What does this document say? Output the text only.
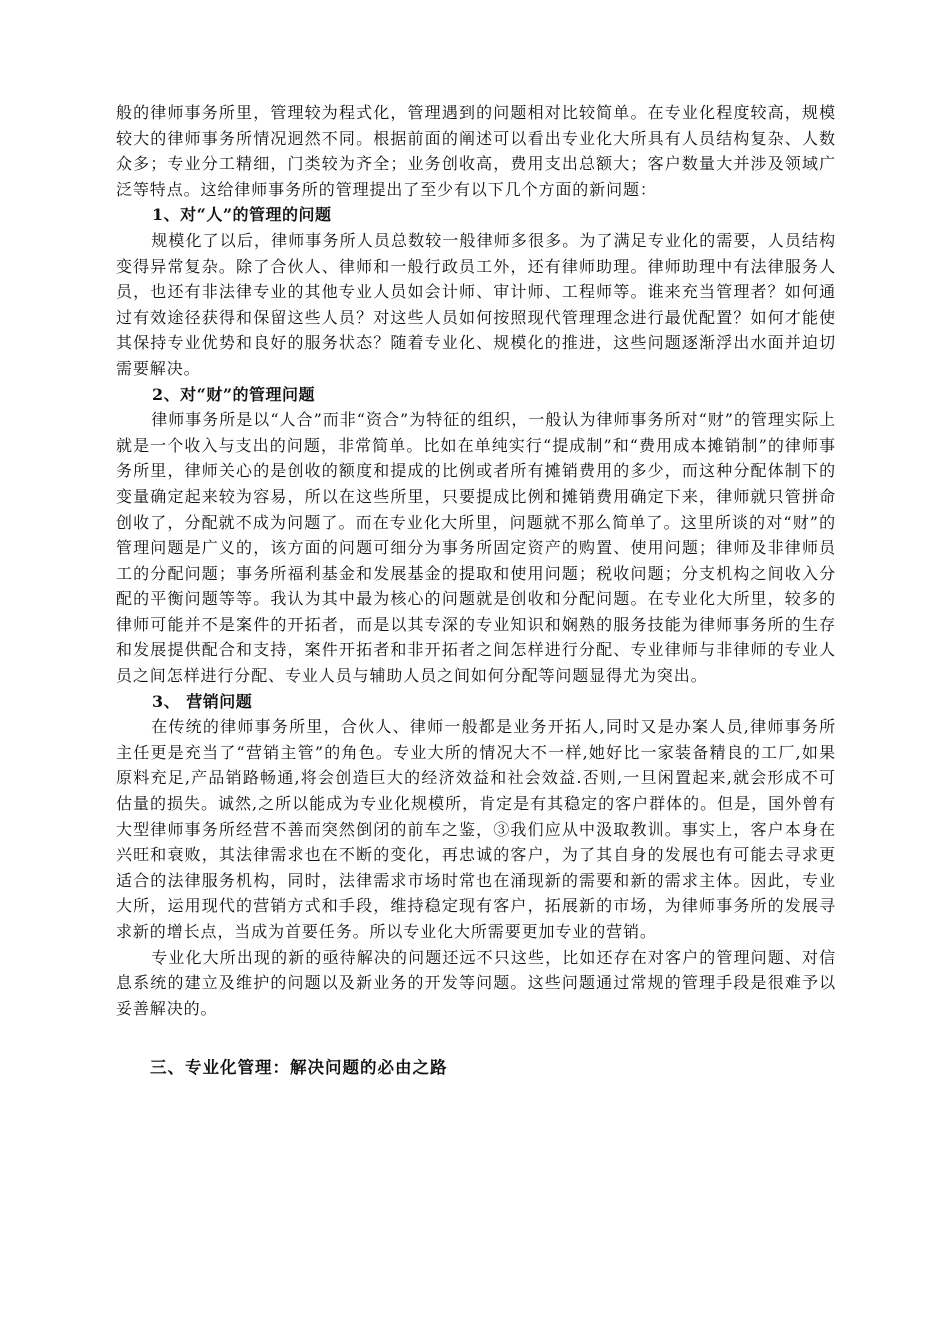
般的律师事务所里，管理较为程式化，管理遇到的问题相对比较简单。在专业化程度较高，规模较大的律师事务所情况迥然不同。根据前面的阐述可以看出专业化大所具有人员结构复杂、人数众多；专业分工精细，门类较为齐全；业务创收高，费用支出总额大；客户数量大并涉及领域广泛等特点。这给律师事务所的管理提出了至少有以下几个方面的新问题：

1、对“人”的管理的问题

规模化了以后，律师事务所人员总数较一般律师多很多。为了满足专业化的需要，人员结构变得异常复杂。除了合伙人、律师和一般行政员工外，还有律师助理。律师助理中有法律服务人员，也还有非法律专业的其他专业人员如会计师、审计师、工程师等。谁来充当管理者？如何通过有效途径获得和保留这些人员？对这些人员如何按照现代管理理念进行最优配置？如何才能使其保持专业优势和良好的服务状态？随着专业化、规模化的推进，这些问题逐渐浮出水面并迫切需要解决。

2、对“财”的管理问题

律师事务所是以“人合”而非“资合”为特征的组织，一般认为律师事务所对“财”的管理实际上就是一个收入与支出的问题，非常简单。比如在单纯实行“提成制”和“费用成本摊销制”的律师事务所里，律师关心的是创收的额度和提成的比例或者所有摊销费用的多少，而这种分配体制下的变量确定起来较为容易，所以在这些所里，只要提成比例和摊销费用确定下来，律师就只管拼命创收了，分配就不成为问题了。而在专业化大所里，问题就不那么简单了。这里所谈的对“财”的管理问题是广义的，该方面的问题可细分为事务所固定资产的购置、使用问题；律师及非律师员工的分配问题；事务所福利基金和发展基金的提取和使用问题；税收问题；分支机构之间收入分配的平衡问题等等。我认为其中最为核心的问题就是创收和分配问题。在专业化大所里，较多的律师可能并不是案件的开拓者，而是以其专深的专业知识和娴熟的服务技能为律师事务所的生存和发展提供配合和支持，案件开拓者和非开拓者之间怎样进行分配、专业律师与非律师的专业人员之间怎样进行分配、专业人员与辅助人员之间如何分配等问题显得尤为突出。

3、 营销问题

在传统的律师事务所里，合伙人、律师一般都是业务开拓人,同时又是办案人员,律师事务所主任更是充当了“营销主管”的角色。专业大所的情况大不一样,她好比一家装备精良的工厂,如果原料充足,产品销路畅通,将会创造巨大的经济效益和社会效益.否则,一旦闲置起来,就会形成不可估量的损失。诚然,之所以能成为专业化规模所，肯定是有其稳定的客户群体的。但是，国外曾有大型律师事务所经营不善而突然倒闭的前车之鉴，③我们应从中汲取教训。事实上，客户本身在兴旺和衰败，其法律需求也在不断的变化，再忠诚的客户，为了其自身的发展也有可能去寻求更适合的法律服务机构，同时，法律需求市场时常也在涌现新的需要和新的需求主体。因此，专业大所，运用现代的营销方式和手段，维持稳定现有客户，拓展新的市场，为律师事务所的发展寻求新的增长点，当成为首要任务。所以专业化大所需要更加专业的营销。

专业化大所出现的新的亟待解决的问题还远不只这些，比如还存在对客户的管理问题、对信息系统的建立及维护的问题以及新业务的开发等问题。这些问题通过常规的管理手段是很难予以妥善解决的。

三、专业化管理：解决问题的必由之路
